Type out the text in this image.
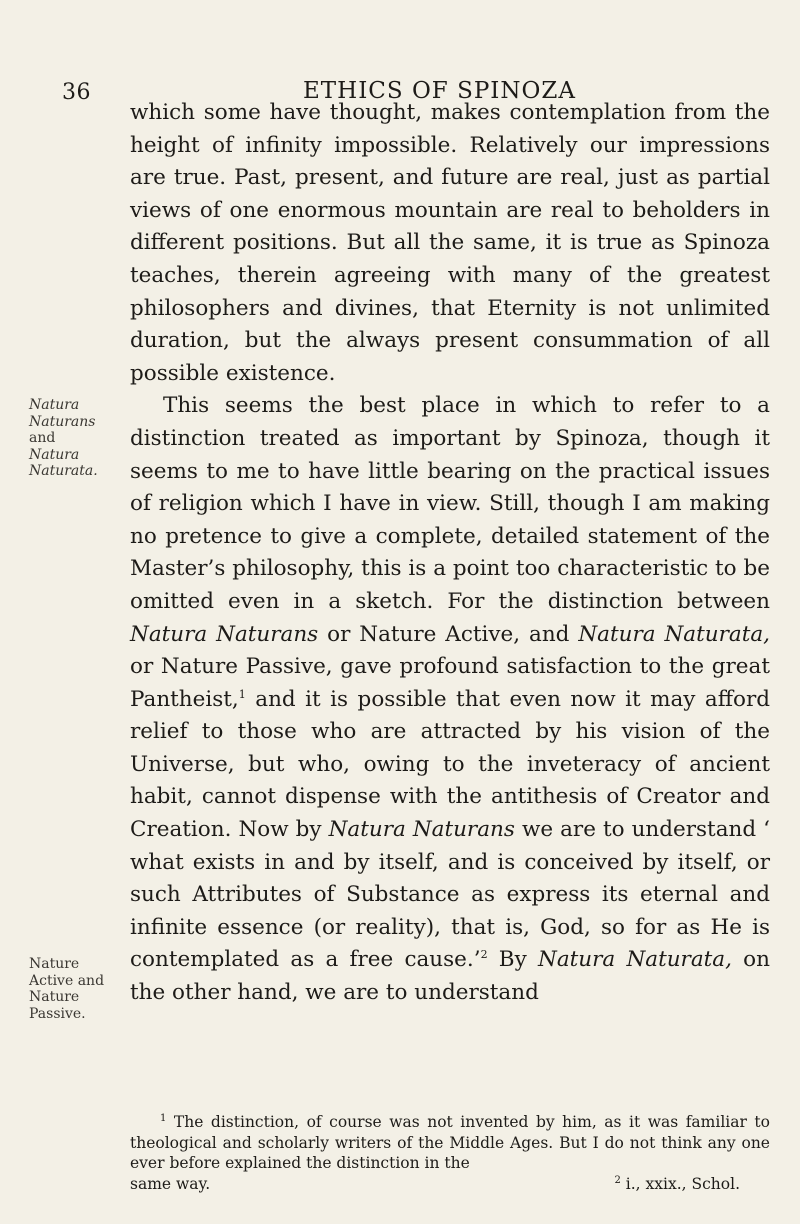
36	ETHICS OF SPINOZA
Natura
Naturans
and
Natura
Naturata.
Nature
Active and
Nature
Passive.

which some have thought, makes contemplation from the height of infinity impossible. Relatively our impressions are true. Past, present, and future are real, just as partial views of one enormous mountain are real to beholders in different positions. But all the same, it is true as Spinoza teaches, therein agreeing with many of the greatest philosophers and divines, that Eternity is not unlimited duration, but the always present consummation of all possible existence.

This seems the best place in which to refer to a distinction treated as important by Spinoza, though it seems to me to have little bearing on the practical issues of religion which I have in view. Still, though I am making no pretence to give a complete, detailed statement of the Master’s philosophy, this is a point too characteristic to be omitted even in a sketch. For the distinction between Natura Naturans or Nature Active, and Natura Naturata, or Nature Passive, gave profound satisfaction to the great Pantheist,$^1$ and it is possible that even now it may afford relief to those who are attracted by his vision of the Universe, but who, owing to the inveteracy of ancient habit, cannot dispense with the antithesis of Creator and Creation. Now by Natura Naturans we are to understand ‘ what exists in and by itself, and is conceived by itself, or such Attributes of Substance as express its eternal and infinite essence (or reality), that is, God, so for as He is contemplated as a free cause.’$^2$ By Natura Naturata, on the other hand, we are to understand

$^1$ The distinction, of course was not invented by him, as it was familiar to theological and scholarly writers of the Middle Ages. But I do not think any one ever before explained the distinction in the

same way.	$^2$ i., xxix., Schol.
